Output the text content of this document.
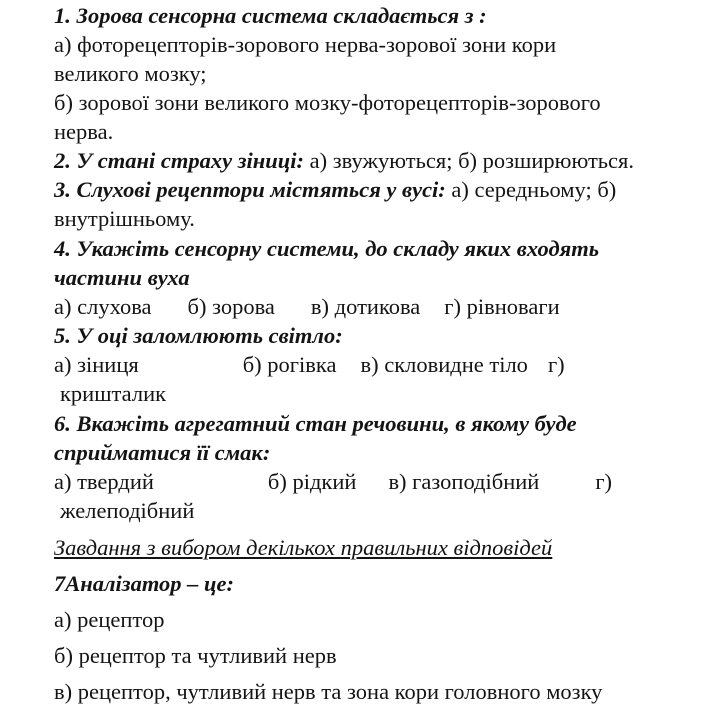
1. Зорова сенсорна система складається з :
а) фоторецепторів-зорового нерва-зорової зони кори
великого мозку;
б) зорової зони великого мозку-фоторецепторів-зорового
нерва.
2. У стані страху зіниці: а) звужуються; б) розширюються.
3. Слухові рецептори містяться у вусі: а) середньому; б)
внутрішньому.
4. Укажіть сенсорну системи, до складу яких входять
частини вуха
а) слухова б) зорова в) дотикова г) рівноваги
5. У оці заломлюють світло:
а) зіниця	б) рогівка в) скловидне тіло г)
кришталик
6. Вкажіть агрегатний стан речовини, в якому буде
сприйматися її смак:
а) твердий	б) рідкий в) газоподібний г)
желеподібний
Завдання з вибором декількох правильних відповідей
7Аналізатор – це:
а) рецептор
б) рецептор та чутливий нерв
в) рецептор, чутливий нерв та зона кори головного мозку
